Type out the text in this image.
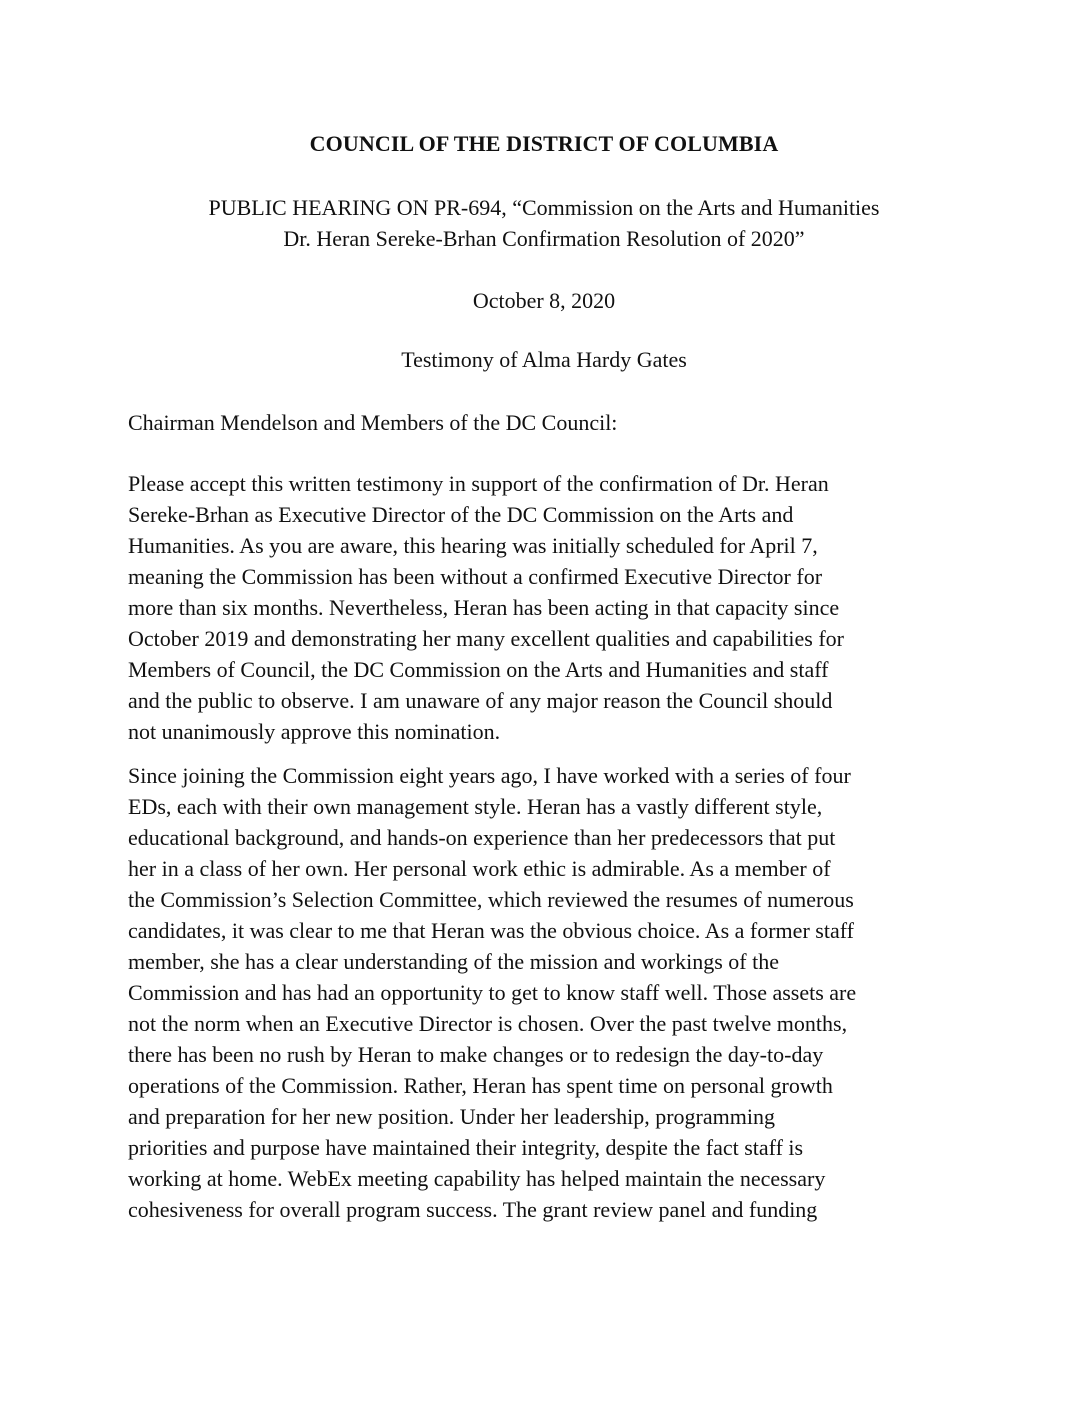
COUNCIL OF THE DISTRICT OF COLUMBIA
PUBLIC HEARING ON PR-694, “Commission on the Arts and Humanities
Dr. Heran Sereke-Brhan Confirmation Resolution of 2020”
October 8, 2020
Testimony of Alma Hardy Gates
Chairman Mendelson and Members of the DC Council:
Please accept this written testimony in support of the confirmation of Dr. Heran
Sereke-Brhan as Executive Director of the DC Commission on the Arts and
Humanities. As you are aware, this hearing was initially scheduled for April 7,
meaning the Commission has been without a confirmed Executive Director for
more than six months. Nevertheless, Heran has been acting in that capacity since
October 2019 and demonstrating her many excellent qualities and capabilities for
Members of Council, the DC Commission on the Arts and Humanities and staff
and the public to observe. I am unaware of any major reason the Council should
not unanimously approve this nomination.
Since joining the Commission eight years ago, I have worked with a series of four
EDs, each with their own management style. Heran has a vastly different style,
educational background, and hands-on experience than her predecessors that put
her in a class of her own. Her personal work ethic is admirable. As a member of
the Commission’s Selection Committee, which reviewed the resumes of numerous
candidates, it was clear to me that Heran was the obvious choice. As a former staff
member, she has a clear understanding of the mission and workings of the
Commission and has had an opportunity to get to know staff well. Those assets are
not the norm when an Executive Director is chosen. Over the past twelve months,
there has been no rush by Heran to make changes or to redesign the day-to-day
operations of the Commission. Rather, Heran has spent time on personal growth
and preparation for her new position. Under her leadership, programming
priorities and purpose have maintained their integrity, despite the fact staff is
working at home. WebEx meeting capability has helped maintain the necessary
cohesiveness for overall program success. The grant review panel and funding
